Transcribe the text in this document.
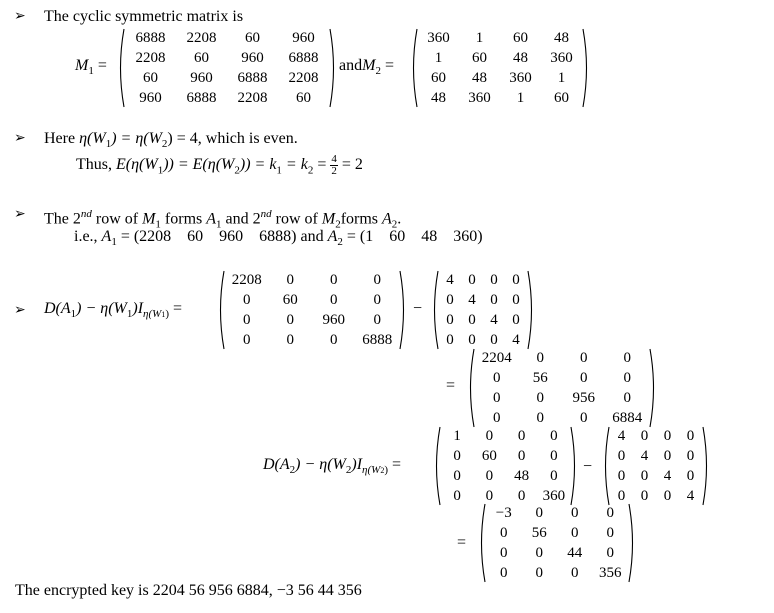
➢ The cyclic symmetric matrix is
$M_1$ =
6888	2208	60	960
2208	60	960	6888
60	960	6888	2208
960	6888	2208	60
andM$_2$ =
360	1	60	48
1	60	48	360
60	48	360	1
48	360	1	60
➢ Here $\eta(W_1) = \eta(W_2) = 4$, which is even.
Thus, $E(\eta(W_1)) = E(\eta(W_2)) = k_1 = k_2 = \frac{4}{2} = 2$
➢ The 2nd row of $M_1$ forms $A_1$ and 2nd row of $M_2forms$ $A_2$.
i.e., $A_1 = (2208$    60    960    6888) and $A_2 = (1$    60    48    360)
➢ $D(A_1) - \eta(W_1)I_{\eta(W1)}$ =
2208	0	0	0
0	60	0	0
0	0	960	0
0	0	0	6888
−
4 0 0 0
0 4 0 0
0 0 4 0
0 0 0 4
=
2204	0	0	0
0	56	0	0
0	0	956	0
0	0	0	6884
$D(A_2) - \eta(W_2)I_{\eta(W2)}$ =
1	0	0	0
0	60	0	0
0	0	48	0
0	0	0	360
−
4	0	0	0
0	4	0	0
0	0	4	0
0	0	0	4
=
−3	0	0	0
0	56	0	0
0	0	44	0
0	0	0	356
The encrypted key is 2204 56 956 6884, −3 56 44 356
